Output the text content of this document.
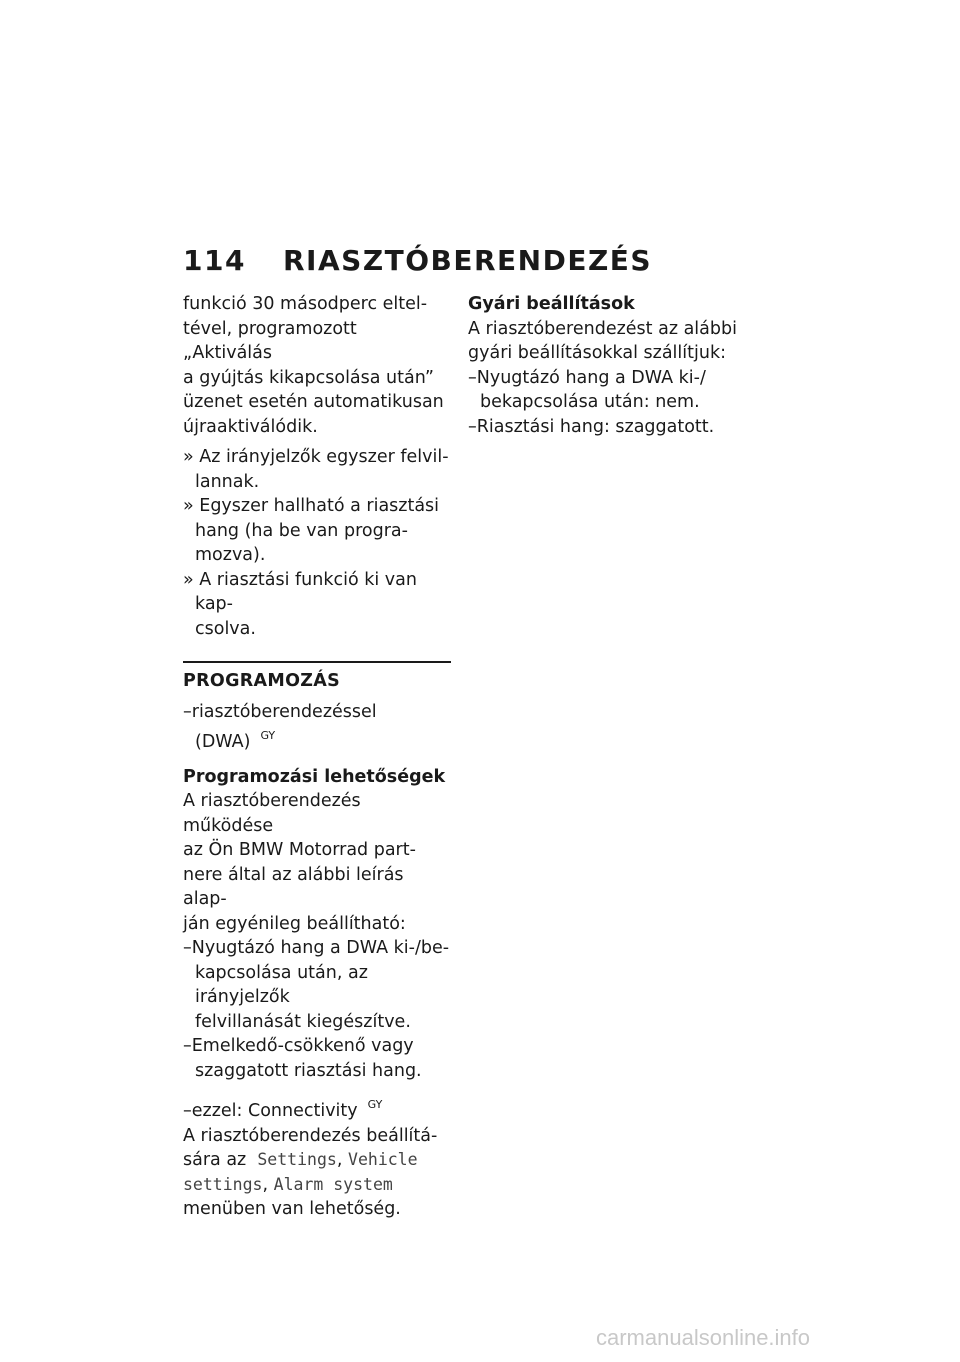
114 RIASZTÓBERENDEZÉS

funkció 30 másodperc eltel-

tével, programozott „Aktiválás

a gyújtás kikapcsolása után”

üzenet esetén automatikusan

újraaktiválódik.

» Az irányjelzők egyszer felvil-

lannak.

» Egyszer hallható a riasztási

hang (ha be van progra-

mozva).

» A riasztási funkció ki van kap-

csolva.

PROGRAMOZÁS

–riasztóberendezéssel

(DWA) $^{GY}$

Programozási lehetőségek

A riasztóberendezés működése

az Ön BMW Motorrad part-

nere által az alábbi leírás alap-

ján egyénileg beállítható:

–Nyugtázó hang a DWA ki-/be-

kapcsolása után, az irányjelzők

felvillanását kiegészítve.

–Emelkedő-csökkenő vagy

szaggatott riasztási hang.

–ezzel: Connectivity $^{GY}$

A riasztóberendezés beállítá-

sára az Settings, Vehicle

settings, Alarm system

menüben van lehetőség.

Gyári beállítások

A riasztóberendezést az alábbi

gyári beállításokkal szállítjuk:

–Nyugtázó hang a DWA ki-/

bekapcsolása után: nem.

–Riasztási hang: szaggatott.

carmanualsonline.info
